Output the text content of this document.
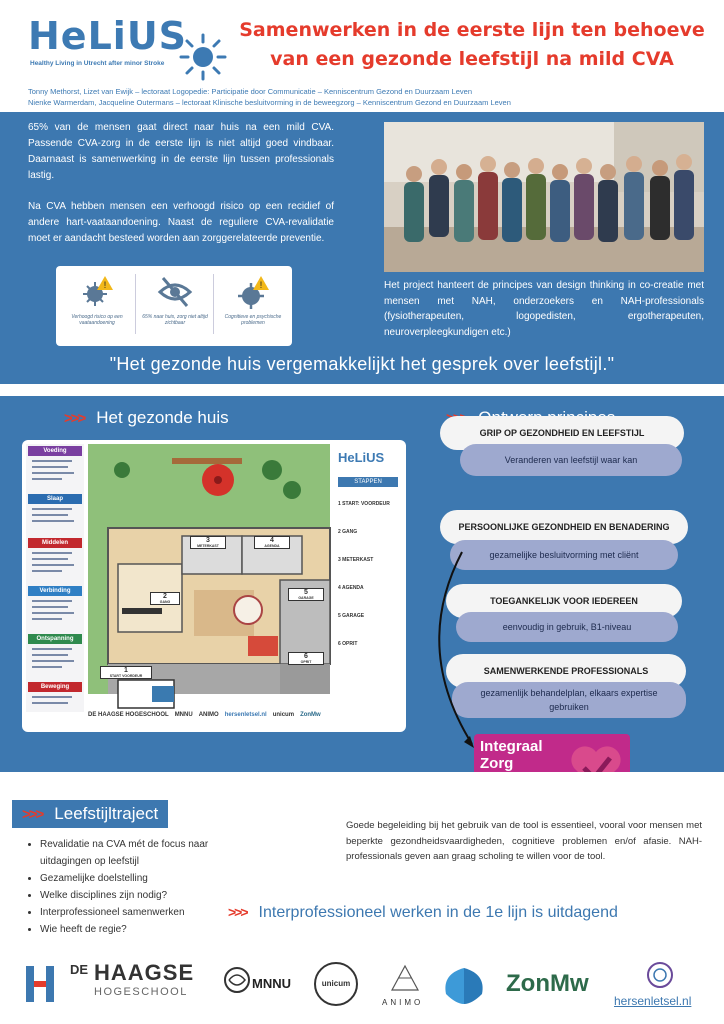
HeLiUS
Healthy Living in Utrecht after minor Stroke
Samenwerken in de eerste lijn ten behoeve
van een gezonde leefstijl na mild CVA
Tonny Methorst, Lizet van Ewijk – lectoraat Logopedie: Participatie door Communicatie – Kenniscentrum Gezond en Duurzaam Leven
Nienke Warmerdam, Jacqueline Outermans – lectoraat Klinische besluitvorming in de beweegzorg – Kenniscentrum Gezond en Duurzaam Leven

65% van de mensen gaat direct naar huis na een mild CVA. Passende CVA-zorg in de eerste lijn is niet altijd goed vindbaar. Daarnaast is samenwerking in de eerste lijn tussen professionals lastig.

Na CVA hebben mensen een verhoogd risico op een recidief of andere hart-vaataandoening. Naast de reguliere CVA-revalidatie moet er aandacht besteed worden aan zorggerelateerde preventie.

!
Verhoogd risico op een vaataandoening
65% naar huis, zorg niet altijd zichtbaar
!
Cognitieve en psychische problemen
Het project hanteert de principes van design thinking in co-creatie met mensen met NAH, onderzoekers en NAH-professionals (fysiotherapeuten, logopedisten, ergotherapeuten, neuroverpleegkundigen etc.)
"Het gezonde huis vergemakkelijkt het gesprek over leefstijl."
>>> Het gezonde huis
3
METERKAST
4
AGENDA
2
GANG
5
GARAGE
6
OPRIT
1
START VOORDEUR
Voeding
Slaap
Middelen
Verbinding
Ontspanning
Beweging
HeLiUS
STAPPEN
1 START: VOORDEUR
2 GANG
3 METERKAST
4 AGENDA
5 GARAGE
6 OPRIT
DE HAAGSE HOGESCHOOL MNNU ANIMO hersenletsel.nl unicum ZonMw
GRIP OP GEZONDHEID EN LEEFSTIJL
Veranderen van leefstijl waar kan
PERSOONLIJKE GEZONDHEID EN BENADERING
gezamelijke besluitvorming met cliënt
TOEGANKELIJK VOOR IEDEREEN
eenvoudig in gebruik, B1-niveau
SAMENWERKENDE PROFESSIONALS
gezamenlijk behandelplan, elkaars expertise gebruiken
Integraal
Zorg
>>> Leefstijltraject
• Revalidatie na CVA mét de focus naar uitdagingen op leefstijl
• Gezamelijke doelstelling
• Welke disciplines zijn nodig?
• Interprofessioneel samenwerken
• Wie heeft de regie?
Goede begeleiding bij het gebruik van de tool is essentieel, vooral voor mensen met beperkte gezondheidsvaardigheden, cognitieve problemen en/of afasie. NAH-professionals geven aan graag scholing te willen voor de tool.
>>> Interprofessioneel werken in de 1e lijn is uitdagend
DE HAAGSE
HOGESCHOOL
MNNU	unicum
ANIMO
ZonMw
hersenletsel.nl
